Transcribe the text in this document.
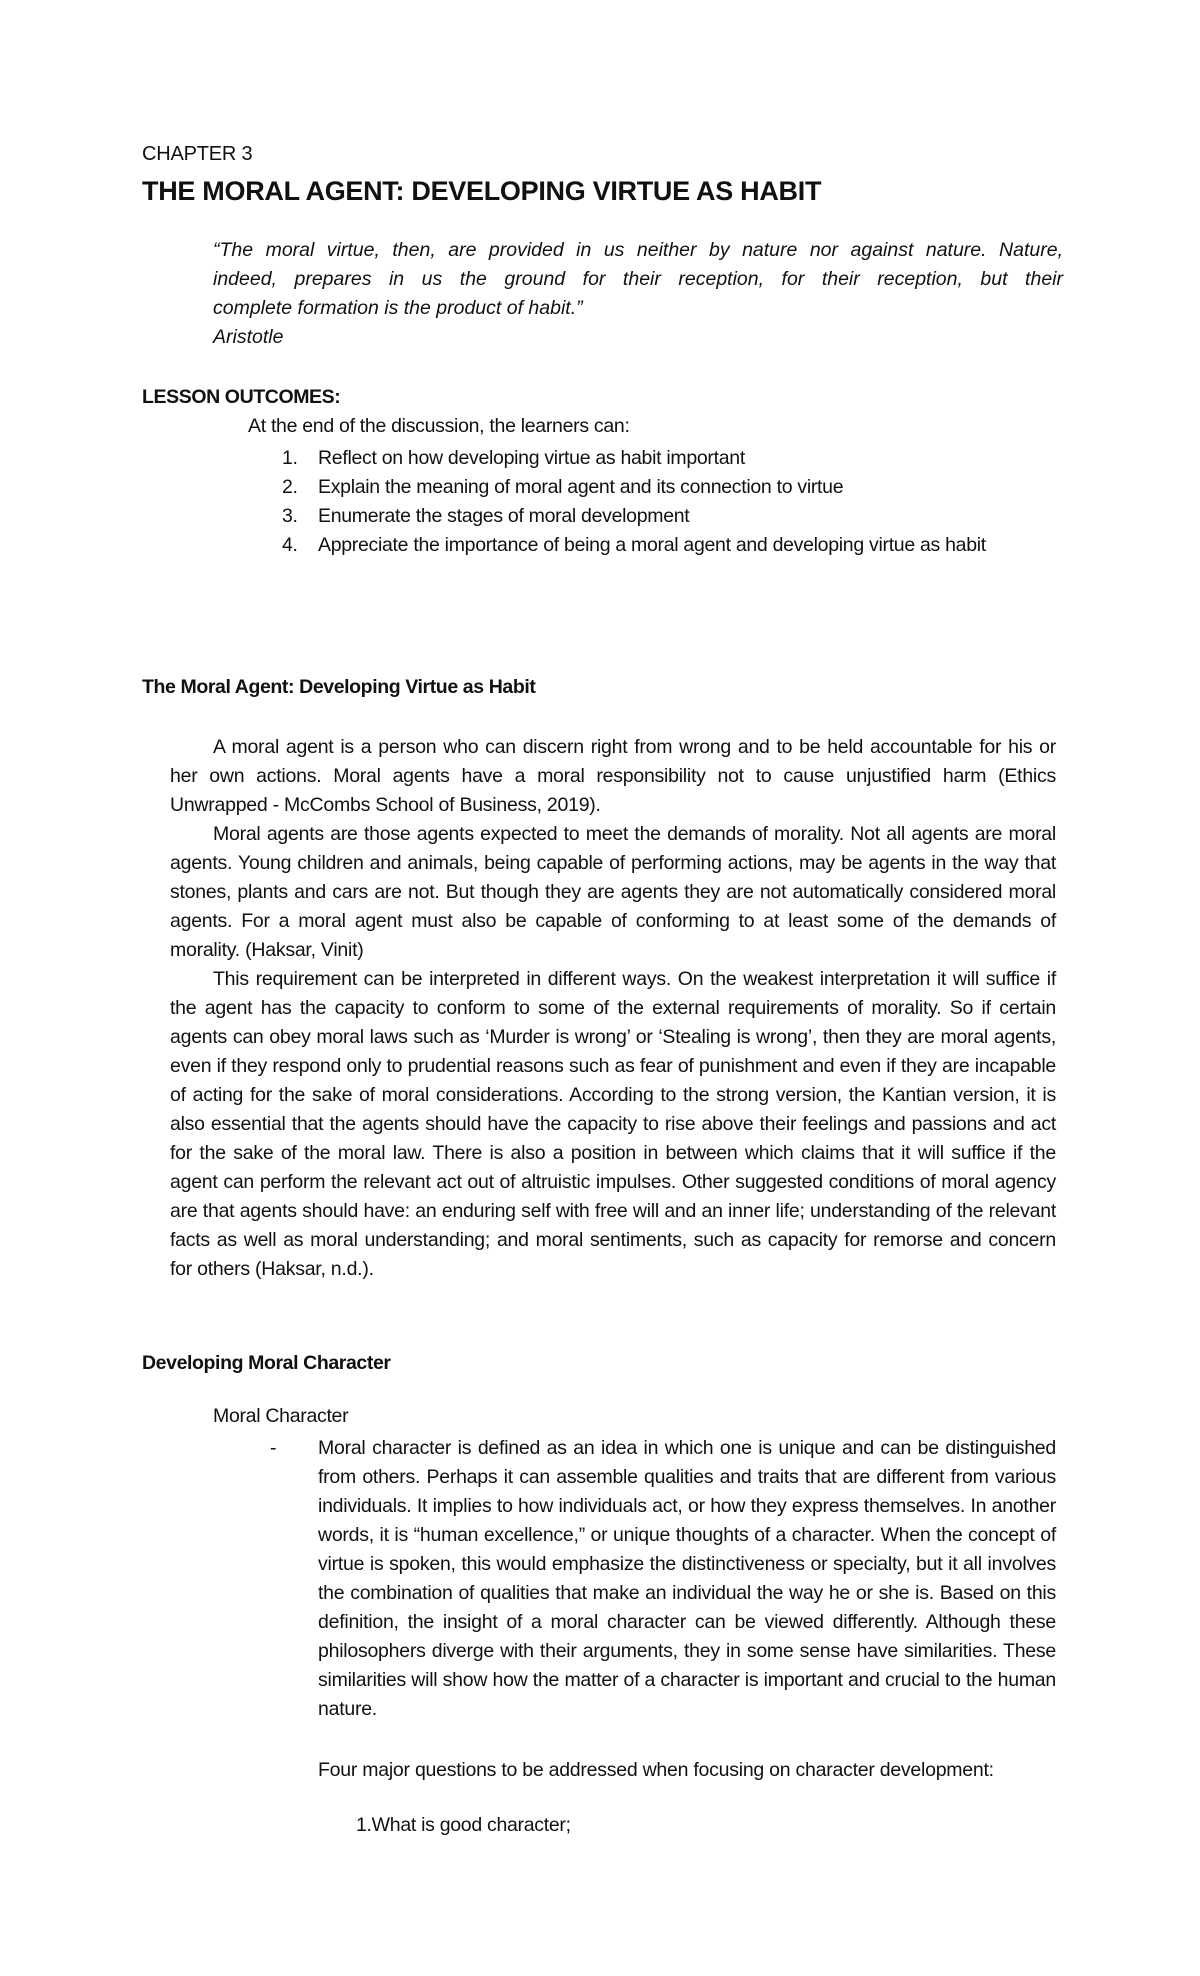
CHAPTER 3
THE MORAL AGENT: DEVELOPING VIRTUE AS HABIT
“The moral virtue, then, are provided in us neither by nature nor against nature. Nature,
indeed, prepares in us the ground for their reception, for their reception, but their
complete formation is the product of habit.”
Aristotle
LESSON OUTCOMES:
At the end of the discussion, the learners can:
1. Reflect on how developing virtue as habit important
2. Explain the meaning of moral agent and its connection to virtue
3. Enumerate the stages of moral development
4. Appreciate the importance of being a moral agent and developing virtue as habit
The Moral Agent: Developing Virtue as Habit

A moral agent is a person who can discern right from wrong and to be held accountable for his or her own actions. Moral agents have a moral responsibility not to cause unjustified harm (Ethics Unwrapped - McCombs School of Business, 2019).

Moral agents are those agents expected to meet the demands of morality. Not all agents are moral agents. Young children and animals, being capable of performing actions, may be agents in the way that stones, plants and cars are not. But though they are agents they are not automatically considered moral agents. For a moral agent must also be capable of conforming to at least some of the demands of morality. (Haksar, Vinit)

This requirement can be interpreted in different ways. On the weakest interpretation it will suffice if the agent has the capacity to conform to some of the external requirements of morality. So if certain agents can obey moral laws such as ‘Murder is wrong’ or ‘Stealing is wrong’, then they are moral agents, even if they respond only to prudential reasons such as fear of punishment and even if they are incapable of acting for the sake of moral considerations. According to the strong version, the Kantian version, it is also essential that the agents should have the capacity to rise above their feelings and passions and act for the sake of the moral law. There is also a position in between which claims that it will suffice if the agent can perform the relevant act out of altruistic impulses. Other suggested conditions of moral agency are that agents should have: an enduring self with free will and an inner life; understanding of the relevant facts as well as moral understanding; and moral sentiments, such as capacity for remorse and concern for others (Haksar, n.d.).

Developing Moral Character
Moral Character
- Moral character is defined as an idea in which one is unique and can be distinguished from others. Perhaps it can assemble qualities and traits that are different from various individuals. It implies to how individuals act, or how they express themselves. In another words, it is “human excellence,” or unique thoughts of a character. When the concept of virtue is spoken, this would emphasize the distinctiveness or specialty, but it all involves the combination of qualities that make an individual the way he or she is. Based on this definition, the insight of a moral character can be viewed differently. Although these philosophers diverge with their arguments, they in some sense have similarities. These similarities will show how the matter of a character is important and crucial to the human nature.
Four major questions to be addressed when focusing on character development:
1.What is good character;
